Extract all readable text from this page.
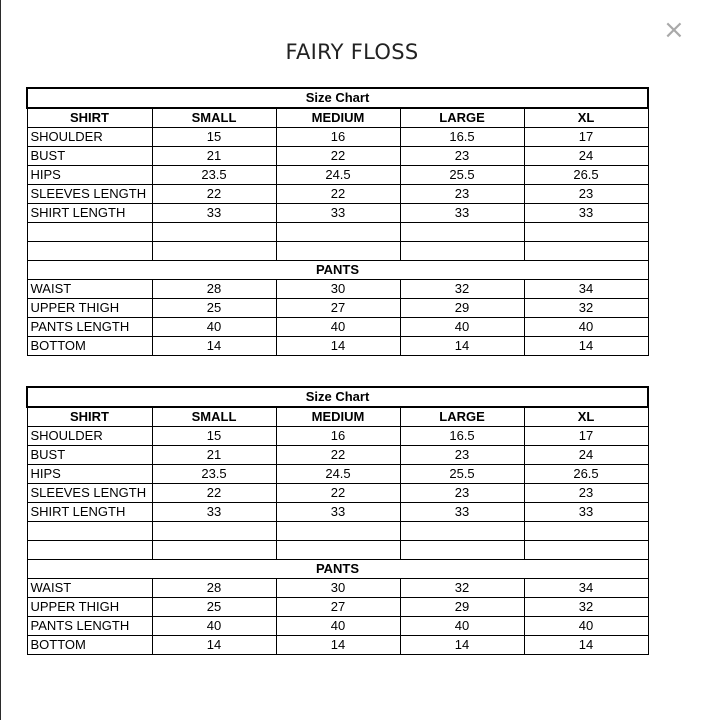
×
FAIRY FLOSS
Size Chart				
SHIRT	SMALL	MEDIUM	LARGE	XL
SHOULDER	15	16	16.5	17
BUST	21	22	23	24
HIPS	23.5	24.5	25.5	26.5
SLEEVES LENGTH	22	22	23	23
SHIRT LENGTH	33	33	33	33

PANTS				
WAIST	28	30	32	34
UPPER THIGH	25	27	29	32
PANTS LENGTH	40	40	40	40
BOTTOM	14	14	14	14
Size Chart				
SHIRT	SMALL	MEDIUM	LARGE	XL
SHOULDER	15	16	16.5	17
BUST	21	22	23	24
HIPS	23.5	24.5	25.5	26.5
SLEEVES LENGTH	22	22	23	23
SHIRT LENGTH	33	33	33	33

PANTS				
WAIST	28	30	32	34
UPPER THIGH	25	27	29	32
PANTS LENGTH	40	40	40	40
BOTTOM	14	14	14	14
